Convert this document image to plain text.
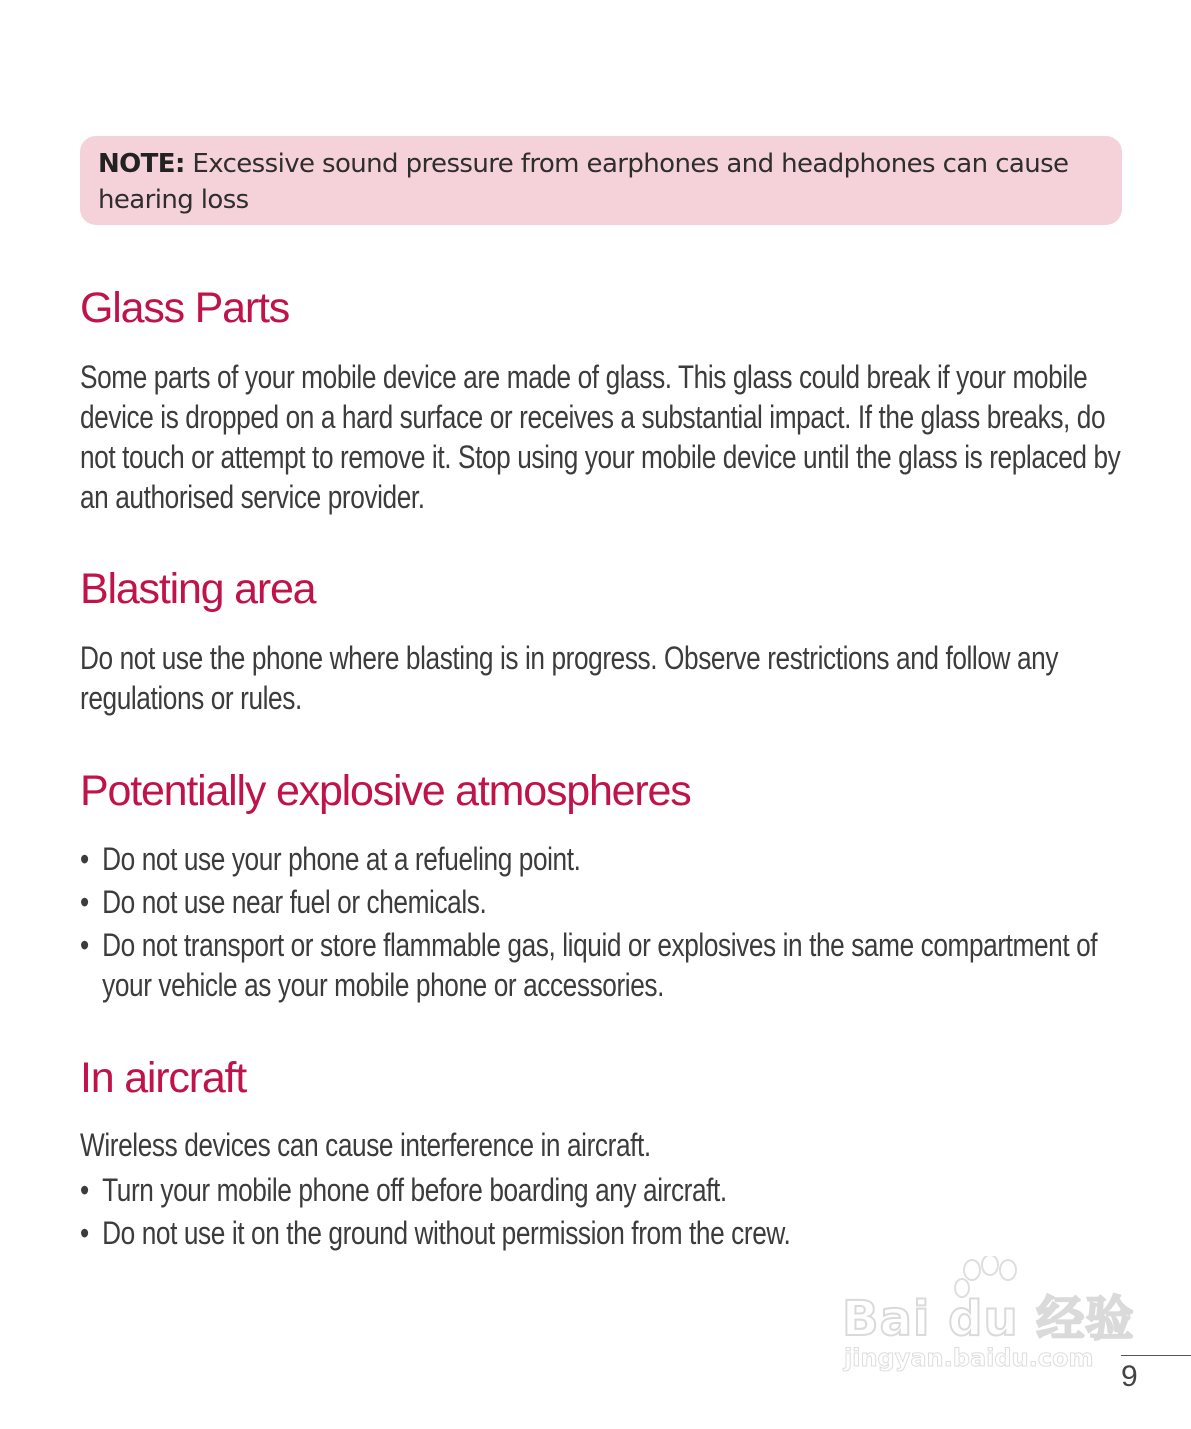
NOTE: Excessive sound pressure from earphones and headphones can cause hearing loss
Glass Parts

Some parts of your mobile device are made of glass. This glass could break if your mobile device is dropped on a hard surface or receives a substantial impact. If the glass breaks, do not touch or attempt to remove it. Stop using your mobile device until the glass is replaced by an authorised service provider.

Blasting area

Do not use the phone where blasting is in progress. Observe restrictions and follow any regulations or rules.

Potentially explosive atmospheres
• Do not use your phone at a refueling point.
• Do not use near fuel or chemicals.
• Do not transport or store flammable gas, liquid or explosives in the same compartment of your vehicle as your mobile phone or accessories.
In aircraft

Wireless devices can cause interference in aircraft.

• Turn your mobile phone off before boarding any aircraft.
• Do not use it on the ground without permission from the crew.
Bai du 经验
jingyan.baidu.com
9
